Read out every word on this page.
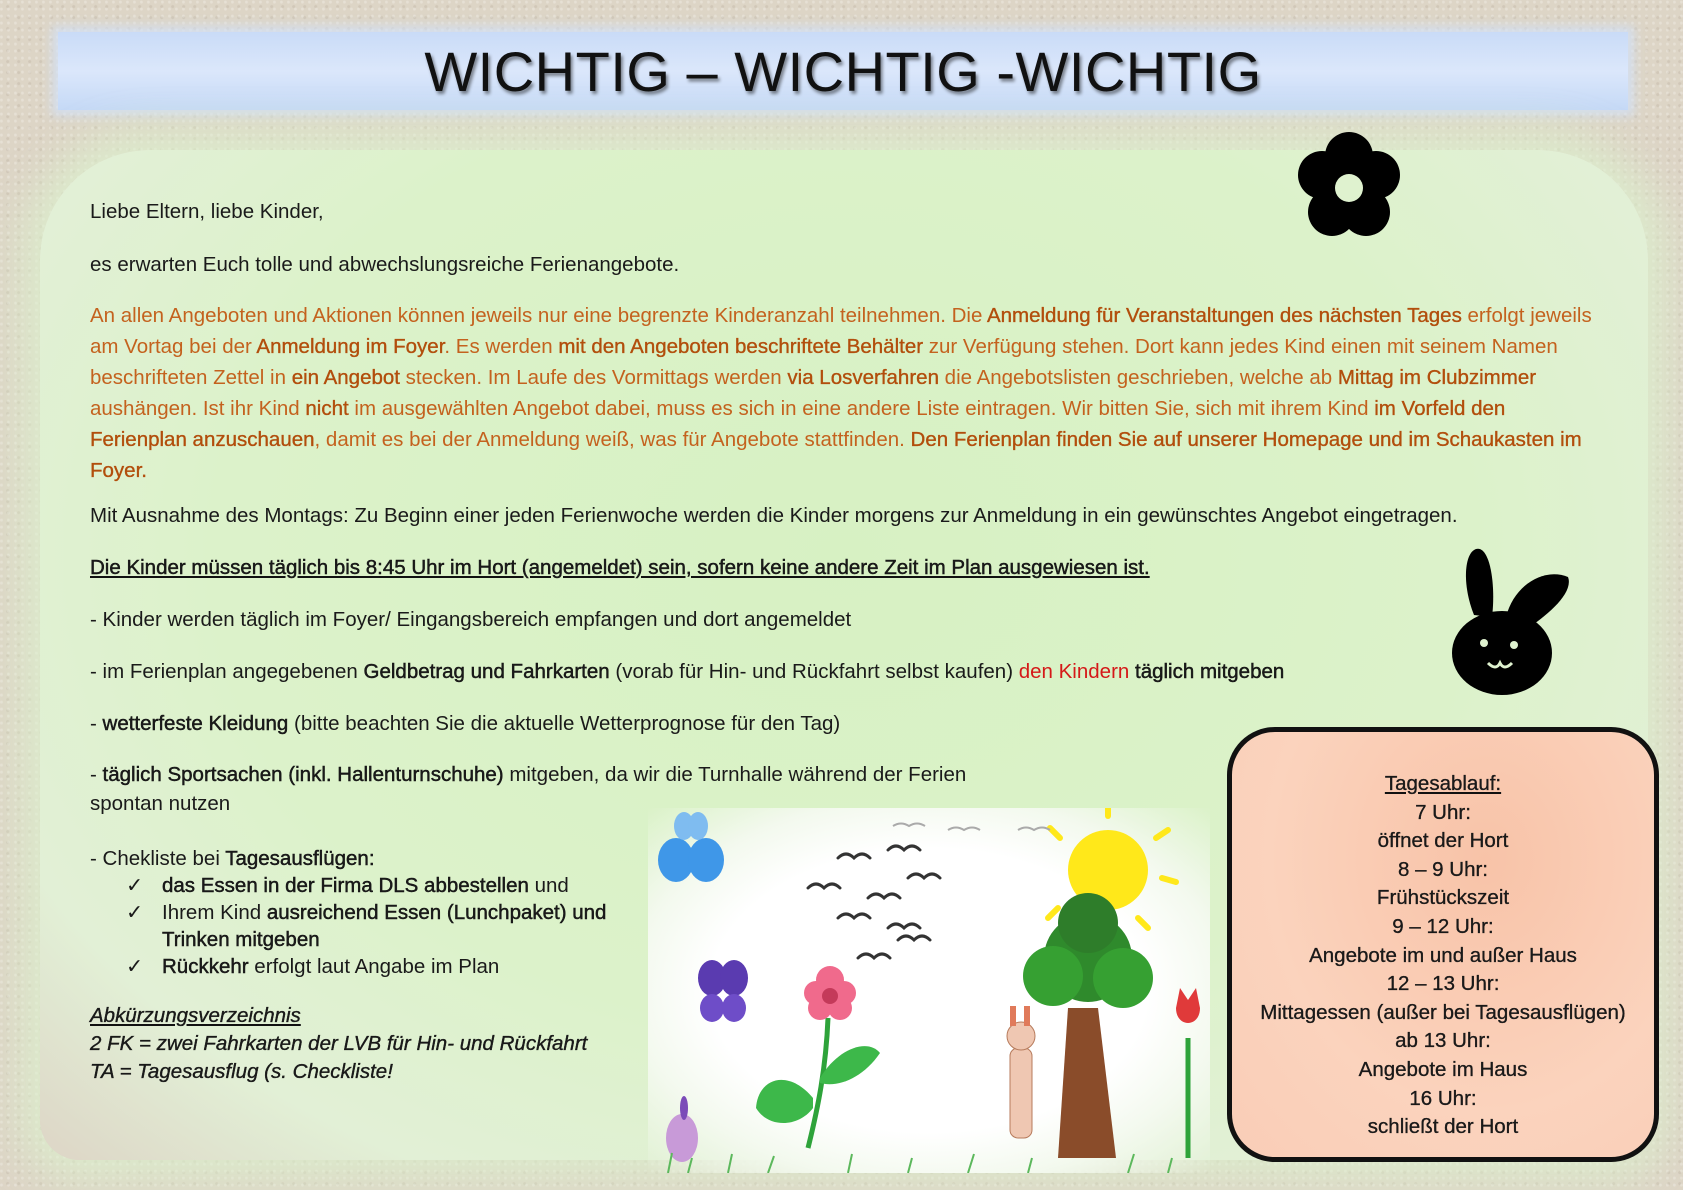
WICHTIG – WICHTIG -WICHTIG

Liebe Eltern, liebe Kinder,

es erwarten Euch tolle und abwechslungsreiche Ferienangebote.

An allen Angeboten und Aktionen können jeweils nur eine begrenzte Kinderanzahl teilnehmen. Die Anmeldung für Veranstaltungen des nächsten Tages erfolgt jeweils am Vortag bei der Anmeldung im Foyer. Es werden mit den Angeboten beschriftete Behälter zur Verfügung stehen. Dort kann jedes Kind einen mit seinem Namen beschrifteten Zettel in ein Angebot stecken. Im Laufe des Vormittags werden via Losverfahren die Angebotslisten geschrieben, welche ab Mittag im Clubzimmer aushängen. Ist ihr Kind nicht im ausgewählten Angebot dabei, muss es sich in eine andere Liste eintragen. Wir bitten Sie, sich mit ihrem Kind im Vorfeld den Ferienplan anzuschauen, damit es bei der Anmeldung weiß, was für Angebote stattfinden. Den Ferienplan finden Sie auf unserer Homepage und im Schaukasten im Foyer.

Mit Ausnahme des Montags: Zu Beginn einer jeden Ferienwoche werden die Kinder morgens zur Anmeldung in ein gewünschtes Angebot eingetragen.

Die Kinder müssen täglich bis 8:45 Uhr im Hort (angemeldet) sein, sofern keine andere Zeit im Plan ausgewiesen ist.

- Kinder werden täglich im Foyer/ Eingangsbereich empfangen und dort angemeldet

- im Ferienplan angegebenen Geldbetrag und Fahrkarten (vorab für Hin- und Rückfahrt selbst kaufen) den Kindern täglich mitgeben

- wetterfeste Kleidung (bitte beachten Sie die aktuelle Wetterprognose für den Tag)

- täglich Sportsachen (inkl. Hallenturnschuhe) mitgeben, da wir die Turnhalle während der Ferien
spontan nutzen

- Chekliste bei Tagesausflügen:

✓ das Essen in der Firma DLS abbestellen und
✓ Ihrem Kind ausreichend Essen (Lunchpaket) und Trinken mitgeben
✓ Rückkehr erfolgt laut Angabe im Plan
Abkürzungsverzeichnis
2 FK = zwei Fahrkarten der LVB für Hin- und Rückfahrt
TA = Tagesausflug (s. Checkliste!
Tagesablauf:
7 Uhr:
öffnet der Hort
8 – 9 Uhr:
Frühstückszeit
9 – 12 Uhr:
Angebote im und außer Haus
12 – 13 Uhr:
Mittagessen (außer bei Tagesausflügen)
ab 13 Uhr:
Angebote im Haus
16 Uhr:
schließt der Hort
